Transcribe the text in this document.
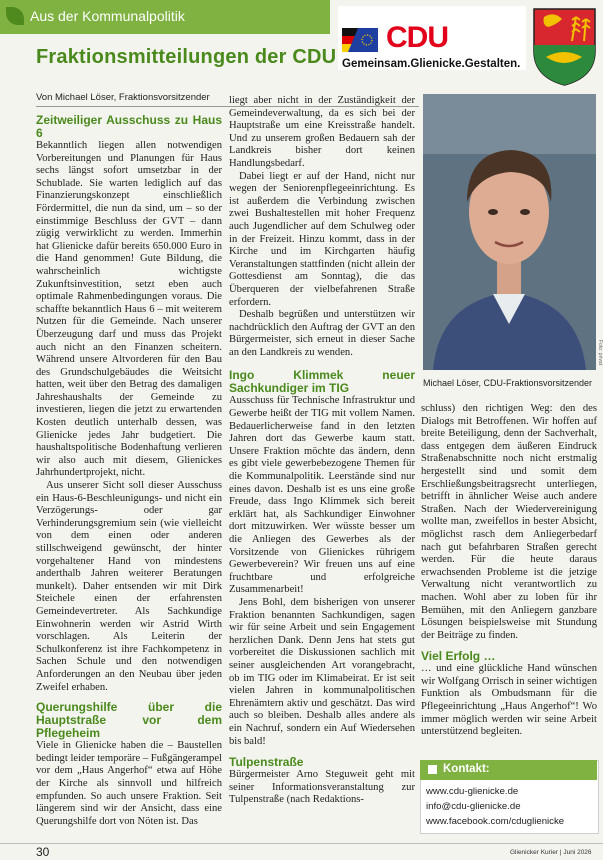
Aus der Kommunalpolitik
Fraktionsmitteilungen der CDU
CDU
Gemeinsam.Glienicke.Gestalten.
Von Michael Löser, Fraktionsvorsitzender
Foto: privat
Michael Löser, CDU-Fraktionsvorsitzender
Zeitweiliger Ausschuss zu Haus 6

Bekanntlich liegen allen notwendigen Vorbereitungen und Planungen für Haus sechs längst sofort umsetzbar in der Schublade. Sie warten lediglich auf das Finanzierungskonzept einschließlich Fördermittel, die nun da sind, um – so der einstimmige Beschluss der GVT – dann zügig verwirklicht zu werden. Immerhin hat Glienicke dafür bereits 650.000 Euro in die Hand genommen! Gute Bildung, die wahrscheinlich wichtigste Zukunftsinvestition, setzt eben auch optimale Rahmenbedingungen voraus. Die schaffte bekanntlich Haus 6 – mit weiterem Nutzen für die Gemeinde. Nach unserer Überzeugung darf und muss das Projekt auch nicht an den Finanzen scheitern. Während unsere Altvorderen für den Bau des Grundschulgebäudes die Weitsicht hatten, weit über den Betrag des damaligen Jahreshaushalts der Gemeinde zu investieren, liegen die jetzt zu erwartenden Kosten deutlich unterhalb dessen, was Glienicke jedes Jahr budgetiert. Die haushaltspolitische Bodenhaftung verlieren wir also auch mit diesem, Glienickes Jahrhundertprojekt, nicht.

Aus unserer Sicht soll dieser Ausschuss ein Haus-6-Beschleunigungs- und nicht ein Verzögerungs- oder gar Verhinderungsgremium sein (wie vielleicht von dem einen oder anderen stillschweigend gewünscht, der hinter vorgehaltener Hand von mindestens anderthalb Jahren weiterer Beratungen munkelt). Daher entsenden wir mit Dirk Steichele einen der erfahrensten Gemeindevertreter. Als Sachkundige Einwohnerin werden wir Astrid Wirth vorschlagen. Als Leiterin der Schulkonferenz ist ihre Fachkompetenz in Sachen Schule und den notwendigen Anforderungen an den Neubau über jeden Zweifel erhaben.

Querungshilfe über die Hauptstraße vor dem Pflegeheim

Viele in Glienicke haben die – Baustellen bedingt leider temporäre – Fußgängerampel vor dem „Haus Angerhof“ etwa auf Höhe der Kirche als sinnvoll und hilfreich empfunden. So auch unsere Fraktion. Seit längerem sind wir der Ansicht, dass eine Querungshilfe dort von Nöten ist. Das

liegt aber nicht in der Zuständigkeit der Gemeindeverwaltung, da es sich bei der Hauptstraße um eine Kreisstraße handelt. Und zu unserem großen Bedauern sah der Landkreis bisher dort keinen Handlungsbedarf.

Dabei liegt er auf der Hand, nicht nur wegen der Seniorenpflegeeinrichtung. Es ist außerdem die Verbindung zwischen zwei Bushaltestellen mit hoher Frequenz auch Jugendlicher auf dem Schulweg oder in der Freizeit. Hinzu kommt, dass in der Kirche und im Kirchgarten häufig Veranstaltungen stattfinden (nicht allein der Gottesdienst am Sonntag), die das Überqueren der vielbefahrenen Straße erfordern.

Deshalb begrüßen und unterstützen wir nachdrücklich den Auftrag der GVT an den Bürgermeister, sich erneut in dieser Sache an den Landkreis zu wenden.

Ingo Klimmek neuer Sachkundiger im TIG

Ausschuss für Technische Infrastruktur und Gewerbe heißt der TIG mit vollem Namen. Bedauerlicherweise fand in den letzten Jahren dort das Gewerbe kaum statt. Unsere Fraktion möchte das ändern, denn es gibt viele gewerbebezogene Themen für die Kommunalpolitik. Leerstände sind nur eines davon. Deshalb ist es uns eine große Freude, dass Ingo Klimmek sich bereit erklärt hat, als Sachkundiger Einwohner dort mitzuwirken. Wer wüsste besser um die Anliegen des Gewerbes als der Vorsitzende von Glienickes rührigem Gewerbeverein? Wir freuen uns auf eine fruchtbare und erfolgreiche Zusammenarbeit!

Jens Bohl, dem bisherigen von unserer Fraktion benannten Sachkundigen, sagen wir für seine Arbeit und sein Engagement herzlichen Dank. Denn Jens hat stets gut vorbereitet die Diskussionen sachlich mit seiner ausgleichenden Art vorangebracht, ob im TIG oder im Klimabeirat. Er ist seit vielen Jahren in kommunalpolitischen Ehrenämtern aktiv und geschätzt. Das wird auch so bleiben. Deshalb alles andere als ein Nachruf, sondern ein Auf Wiedersehen bis bald!

Tulpenstraße

Bürgermeister Arno Steguweit geht mit seiner Informationsveranstaltung zur Tulpenstraße (nach Redaktions-

schluss) den richtigen Weg: den des Dialogs mit Betroffenen. Wir hoffen auf breite Beteiligung, denn der Sachverhalt, dass entgegen dem äußeren Eindruck Straßenabschnitte noch nicht erstmalig hergestellt sind und somit dem Erschließungsbeitragsrecht unterliegen, betrifft in ähnlicher Weise auch andere Straßen. Nach der Wiedervereinigung wollte man, zweifellos in bester Absicht, möglichst rasch dem Anliegerbedarf nach gut befahrbaren Straßen gerecht werden. Für die heute daraus erwachsenden Probleme ist die jetzige Verwaltung nicht verantwortlich zu machen. Wohl aber zu loben für ihr Bemühen, mit den Anliegern ganzbare Lösungen beispielsweise mit Stundung der Beiträge zu finden.

Viel Erfolg …

… und eine glückliche Hand wünschen wir Wolfgang Orrisch in seiner wichtigen Funktion als Ombudsmann für die Pflegeeinrichtung „Haus Angerhof“! Wo immer möglich werden wir seine Arbeit unterstützend begleiten.

Kontakt:
www.cdu-glienicke.de
info@cdu-glienicke.de
www.facebook.com/cduglienicke
30	Glienicker Kurier | Juni 2026
